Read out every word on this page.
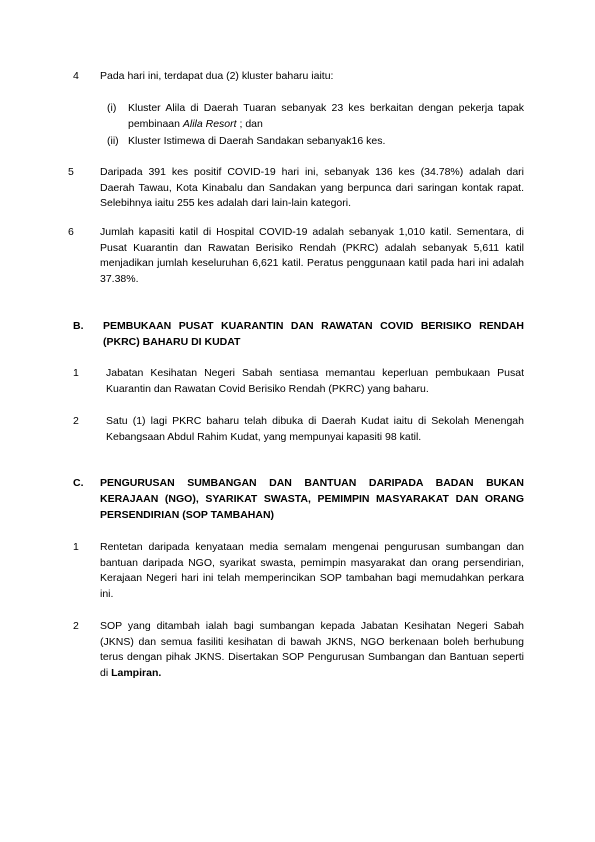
4 Pada hari ini, terdapat dua (2) kluster baharu iaitu:
(i) Kluster Alila di Daerah Tuaran sebanyak 23 kes berkaitan dengan pekerja tapak pembinaan Alila Resort ; dan
(ii) Kluster Istimewa di Daerah Sandakan sebanyak16 kes.
5 Daripada 391 kes positif COVID-19 hari ini, sebanyak 136 kes (34.78%) adalah dari Daerah Tawau, Kota Kinabalu dan Sandakan yang berpunca dari saringan kontak rapat. Selebihnya iaitu 255 kes adalah dari lain-lain kategori.
6 Jumlah kapasiti katil di Hospital COVID-19 adalah sebanyak 1,010 katil. Sementara, di Pusat Kuarantin dan Rawatan Berisiko Rendah (PKRC) adalah sebanyak 5,611 katil menjadikan jumlah keseluruhan 6,621 katil. Peratus penggunaan katil pada hari ini adalah 37.38%.
B. PEMBUKAAN PUSAT KUARANTIN DAN RAWATAN COVID BERISIKO RENDAH (PKRC) BAHARU DI KUDAT
1	Jabatan Kesihatan Negeri Sabah sentiasa memantau keperluan pembukaan Pusat Kuarantin dan Rawatan Covid Berisiko Rendah (PKRC) yang baharu.
2	Satu (1) lagi PKRC baharu telah dibuka di Daerah Kudat iaitu di Sekolah Menengah Kebangsaan Abdul Rahim Kudat, yang mempunyai kapasiti 98 katil.
C. PENGURUSAN SUMBANGAN DAN BANTUAN DARIPADA BADAN BUKAN KERAJAAN (NGO), SYARIKAT SWASTA, PEMIMPIN MASYARAKAT DAN ORANG PERSENDIRIAN (SOP TAMBAHAN)
1 Rentetan daripada kenyataan media semalam mengenai pengurusan sumbangan dan bantuan daripada NGO, syarikat swasta, pemimpin masyarakat dan orang persendirian, Kerajaan Negeri hari ini telah memperincikan SOP tambahan bagi memudahkan perkara ini.
2 SOP yang ditambah ialah bagi sumbangan kepada Jabatan Kesihatan Negeri Sabah (JKNS) dan semua fasiliti kesihatan di bawah JKNS, NGO berkenaan boleh berhubung terus dengan pihak JKNS. Disertakan SOP Pengurusan Sumbangan dan Bantuan seperti di Lampiran.
